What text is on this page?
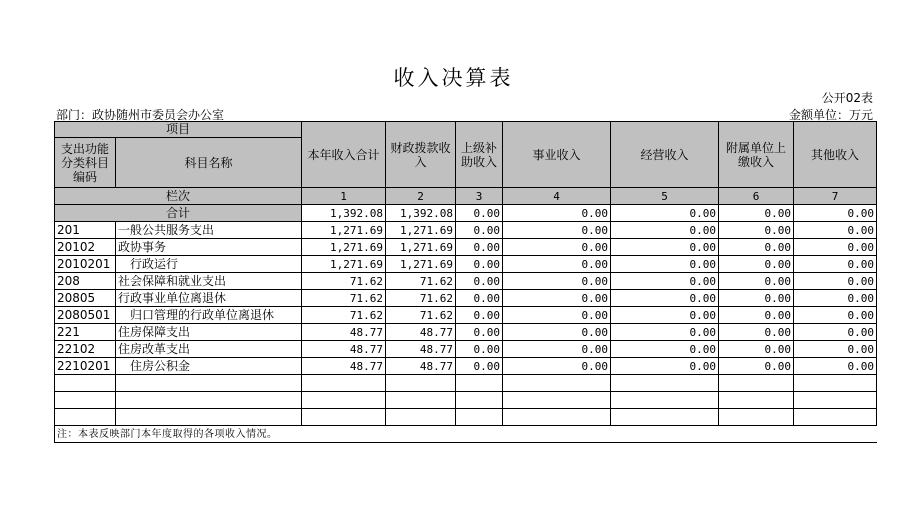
收入决算表
公开02表
部门：政协随州市委员会办公室	金额单位：万元
项目		本年收入合计	财政拨款收入	上级补助收入	事业收入	经营收入	附属单位上缴收入	其他收入
支出功能分类科目编码	科目名称							
栏次		1	2	3	4	5	6	7
合计		1,392.08	1,392.08	0.00	0.00	0.00	0.00	0.00
201	一般公共服务支出	1,271.69	1,271.69	0.00	0.00	0.00	0.00	0.00
20102	政协事务	1,271.69	1,271.69	0.00	0.00	0.00	0.00	0.00
2010201	行政运行	1,271.69	1,271.69	0.00	0.00	0.00	0.00	0.00
208	社会保障和就业支出	71.62	71.62	0.00	0.00	0.00	0.00	0.00
20805	行政事业单位离退休	71.62	71.62	0.00	0.00	0.00	0.00	0.00
2080501	归口管理的行政单位离退休	71.62	71.62	0.00	0.00	0.00	0.00	0.00
221	住房保障支出	48.77	48.77	0.00	0.00	0.00	0.00	0.00
22102	住房改革支出	48.77	48.77	0.00	0.00	0.00	0.00	0.00
2210201	住房公积金	48.77	48.77	0.00	0.00	0.00	0.00	0.00

注：本表反映部门本年度取得的各项收入情况。								
